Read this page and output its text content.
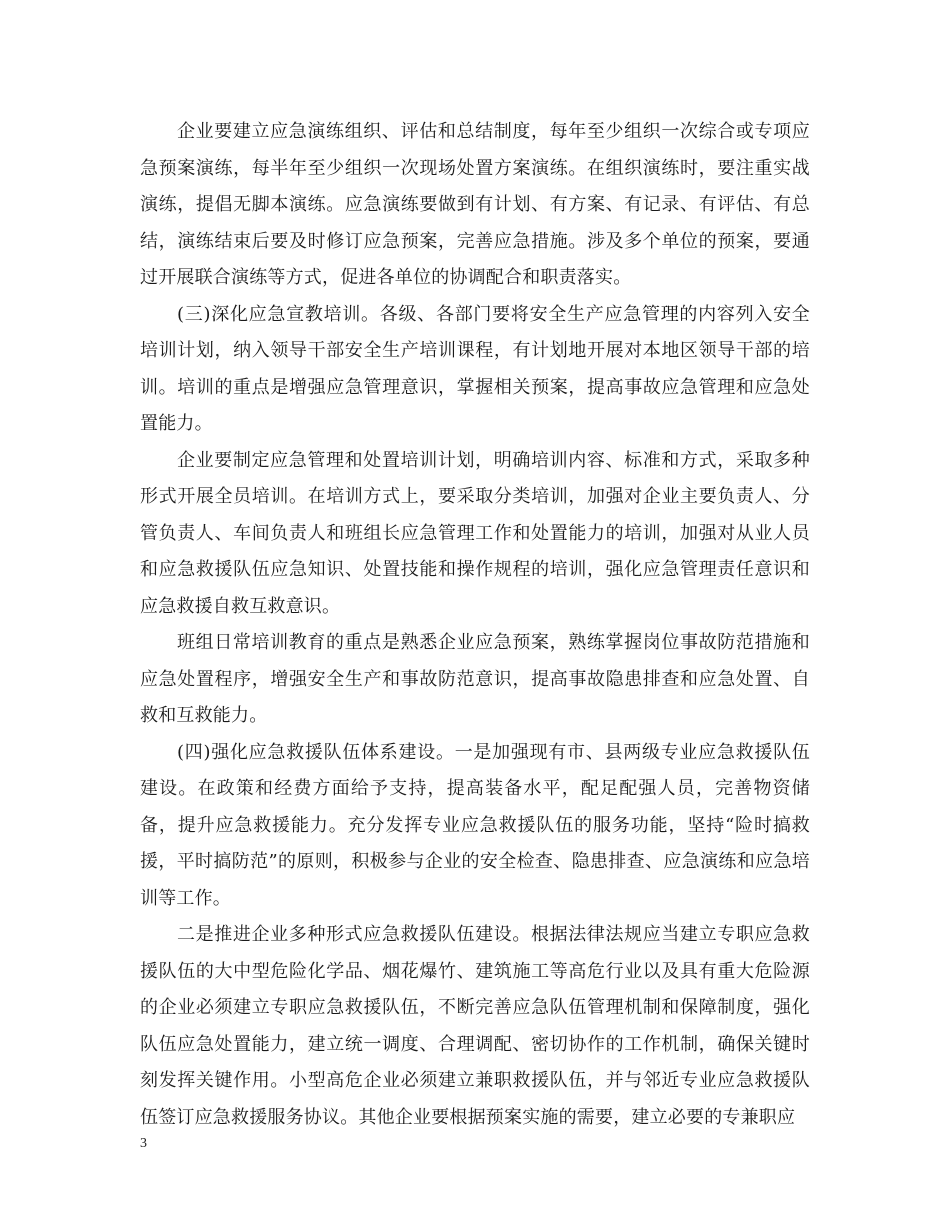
企业要建立应急演练组织、评估和总结制度，每年至少组织一次综合或专项应急预案演练，每半年至少组织一次现场处置方案演练。在组织演练时，要注重实战演练，提倡无脚本演练。应急演练要做到有计划、有方案、有记录、有评估、有总结，演练结束后要及时修订应急预案，完善应急措施。涉及多个单位的预案，要通过开展联合演练等方式，促进各单位的协调配合和职责落实。

(三)深化应急宣教培训。各级、各部门要将安全生产应急管理的内容列入安全培训计划，纳入领导干部安全生产培训课程，有计划地开展对本地区领导干部的培训。培训的重点是增强应急管理意识，掌握相关预案，提高事故应急管理和应急处置能力。

企业要制定应急管理和处置培训计划，明确培训内容、标准和方式，采取多种形式开展全员培训。在培训方式上，要采取分类培训，加强对企业主要负责人、分管负责人、车间负责人和班组长应急管理工作和处置能力的培训，加强对从业人员和应急救援队伍应急知识、处置技能和操作规程的培训，强化应急管理责任意识和应急救援自救互救意识。

班组日常培训教育的重点是熟悉企业应急预案，熟练掌握岗位事故防范措施和应急处置程序，增强安全生产和事故防范意识，提高事故隐患排查和应急处置、自救和互救能力。

(四)强化应急救援队伍体系建设。一是加强现有市、县两级专业应急救援队伍建设。在政策和经费方面给予支持，提高装备水平，配足配强人员，完善物资储备，提升应急救援能力。充分发挥专业应急救援队伍的服务功能，坚持“险时搞救援，平时搞防范”的原则，积极参与企业的安全检查、隐患排查、应急演练和应急培训等工作。

二是推进企业多种形式应急救援队伍建设。根据法律法规应当建立专职应急救援队伍的大中型危险化学品、烟花爆竹、建筑施工等高危行业以及具有重大危险源的企业必须建立专职应急救援队伍，不断完善应急队伍管理机制和保障制度，强化队伍应急处置能力，建立统一调度、合理调配、密切协作的工作机制，确保关键时刻发挥关键作用。小型高危企业必须建立兼职救援队伍，并与邻近专业应急救援队伍签订应急救援服务协议。其他企业要根据预案实施的需要，建立必要的专兼职应

3
